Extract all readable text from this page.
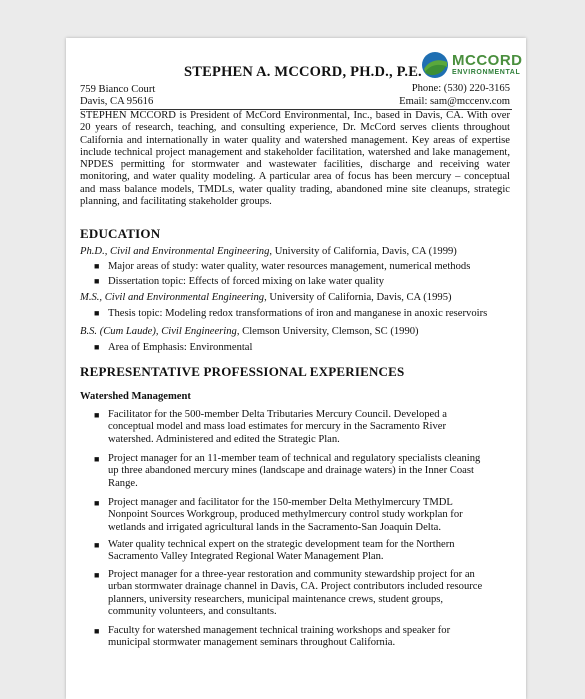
MCCORD
ENVIRONMENTAL
STEPHEN A. MCCORD, PH.D., P.E.
759 Bianco Court	Phone: (530) 220-3165
Davis, CA 95616	Email: sam@mccenv.com
STEPHEN MCCORD is President of McCord Environmental, Inc., based in Davis, CA. With over 20 years of research, teaching, and consulting experience, Dr. McCord serves clients throughout California and internationally in water quality and watershed management. Key areas of expertise include technical project management and stakeholder facilitation, watershed and lake management, NPDES permitting for stormwater and wastewater facilities, discharge and receiving water monitoring, and water quality modeling. A particular area of focus has been mercury – conceptual and mass balance models, TMDLs, water quality trading, abandoned mine site cleanups, strategic planning, and facilitating stakeholder groups.
EDUCATION
Ph.D., Civil and Environmental Engineering, University of California, Davis, CA (1999)
■ Major areas of study: water quality, water resources management, numerical methods
■ Dissertation topic: Effects of forced mixing on lake water quality
M.S., Civil and Environmental Engineering, University of California, Davis, CA (1995)
■ Thesis topic: Modeling redox transformations of iron and manganese in anoxic reservoirs
B.S. (Cum Laude), Civil Engineering, Clemson University, Clemson, SC (1990)
■ Area of Emphasis: Environmental
REPRESENTATIVE PROFESSIONAL EXPERIENCES
Watershed Management
■ Facilitator for the 500-member Delta Tributaries Mercury Council. Developed a conceptual model and mass load estimates for mercury in the Sacramento River watershed. Administered and edited the Strategic Plan.
■ Project manager for an 11-member team of technical and regulatory specialists cleaning up three abandoned mercury mines (landscape and drainage waters) in the Inner Coast Range.
■ Project manager and facilitator for the 150-member Delta Methylmercury TMDL Nonpoint Sources Workgroup, produced methylmercury control study workplan for wetlands and irrigated agricultural lands in the Sacramento-San Joaquin Delta.
■ Water quality technical expert on the strategic development team for the Northern Sacramento Valley Integrated Regional Water Management Plan.
■ Project manager for a three-year restoration and community stewardship project for an urban stormwater drainage channel in Davis, CA. Project contributors included resource planners, university researchers, municipal maintenance crews, student groups, community volunteers, and consultants.
■ Faculty for watershed management technical training workshops and speaker for municipal stormwater management seminars throughout California.
